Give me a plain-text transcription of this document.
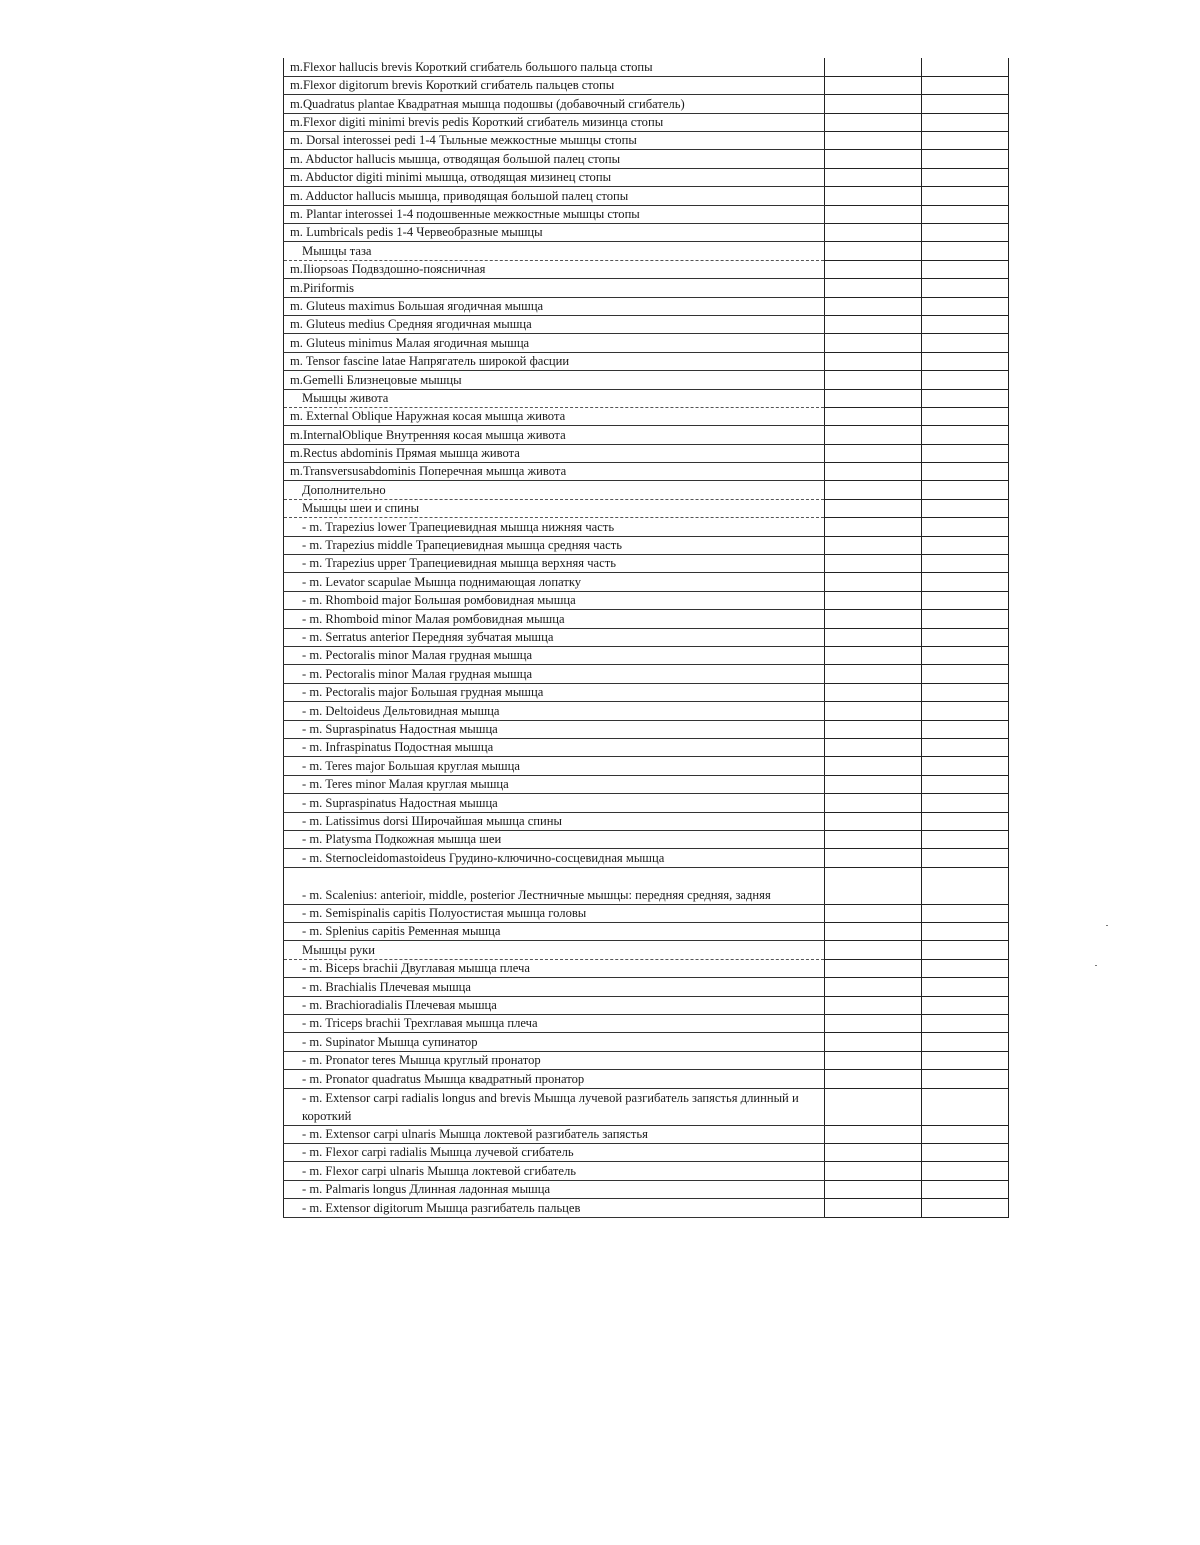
m.Flexor hallucis brevis Короткий сгибатель большого пальца стопы		
m.Flexor digitorum brevis Короткий сгибатель пальцев стопы		
m.Quadratus plantae Квадратная мышца подошвы (добавочный сгибатель)		
m.Flexor digiti minimi brevis pedis Короткий сгибатель мизинца стопы		
m. Dorsal interossei pedi 1-4 Тыльные межкостные мышцы стопы		
m. Abductor hallucis мышца, отводящая большой палец стопы		
m. Abductor digiti minimi мышца, отводящая мизинец стопы		
m. Adductor hallucis мышца, приводящая большой палец стопы		
m. Plantar interossei 1-4 подошвенные межкостные мышцы стопы		
m. Lumbricals pedis 1-4 Червеобразные мышцы		
Мышцы таза		
m.Iliopsoas Подвздошно-поясничная		
m.Piriformis		
m. Gluteus maximus Большая ягодичная мышца		
m. Gluteus medius Средняя ягодичная мышца		
m. Gluteus minimus Малая ягодичная мышца		
m. Tensor fascine latae Напрягатель широкой фасции		
m.Gemelli Близнецовые мышцы		
Мышцы живота		
m. External Oblique Наружная косая мышца живота		
m.InternalOblique Внутренняя косая мышца живота		
m.Rectus abdominis Прямая мышца живота		
m.Transversusabdominis Поперечная мышца живота		
Дополнительно		
Мышцы шеи и спины		
- m. Trapezius lower Трапециевидная мышца нижняя часть		
- m. Trapezius middle Трапециевидная мышца средняя часть		
- m. Trapezius upper Трапециевидная мышца верхняя часть		
- m. Levator scapulae Мышца поднимающая лопатку		
- m. Rhomboid major Большая ромбовидная мышца		
- m. Rhomboid minor Малая ромбовидная мышца		
- m. Serratus anterior Передняя зубчатая мышца		
- m. Pectoralis minor Малая грудная мышца		
- m. Pectoralis minor Малая грудная мышца		
- m. Pectoralis major Большая грудная мышца		
- m. Deltoideus Дельтовидная мышца		
- m. Supraspinatus Надостная мышца		
- m. Infraspinatus Подостная мышца		
- m. Teres major Большая круглая мышца		
- m. Teres minor Малая круглая мышца		
- m. Supraspinatus Надостная мышца		
- m. Latissimus dorsi Широчайшая мышца спины		
- m. Platysma Подкожная мышца шеи		
- m. Sternocleidomastoideus Грудино-ключично-сосцевидная мышца		
- m. Scalenius: anterioir, middle, posterior Лестничные мышцы: передняя средняя, задняя		
- m. Semispinalis capitis Полуостистая мышца головы		
- m. Splenius capitis Ременная мышца		
Мышцы руки		
- m. Biceps brachii Двуглавая мышца плеча		
- m. Brachialis Плечевая мышца		
- m. Brachioradialis Плечевая мышца		
- m. Triceps brachii Трехглавая мышца плеча		
- m. Supinator Мышца супинатор		
- m. Pronator teres Мышца круглый пронатор		
- m. Pronator quadratus Мышца квадратный пронатор		
- m. Extensor carpi radialis longus and brevis Мышца лучевой разгибатель запястья длинный и короткий		
- m. Extensor carpi ulnaris Мышца локтевой разгибатель запястья		
- m. Flexor carpi radialis Мышца лучевой сгибатель		
- m. Flexor carpi ulnaris Мышца локтевой сгибатель		
- m. Palmaris longus Длинная ладонная мышца		
- m. Extensor digitorum Мышца разгибатель пальцев		
